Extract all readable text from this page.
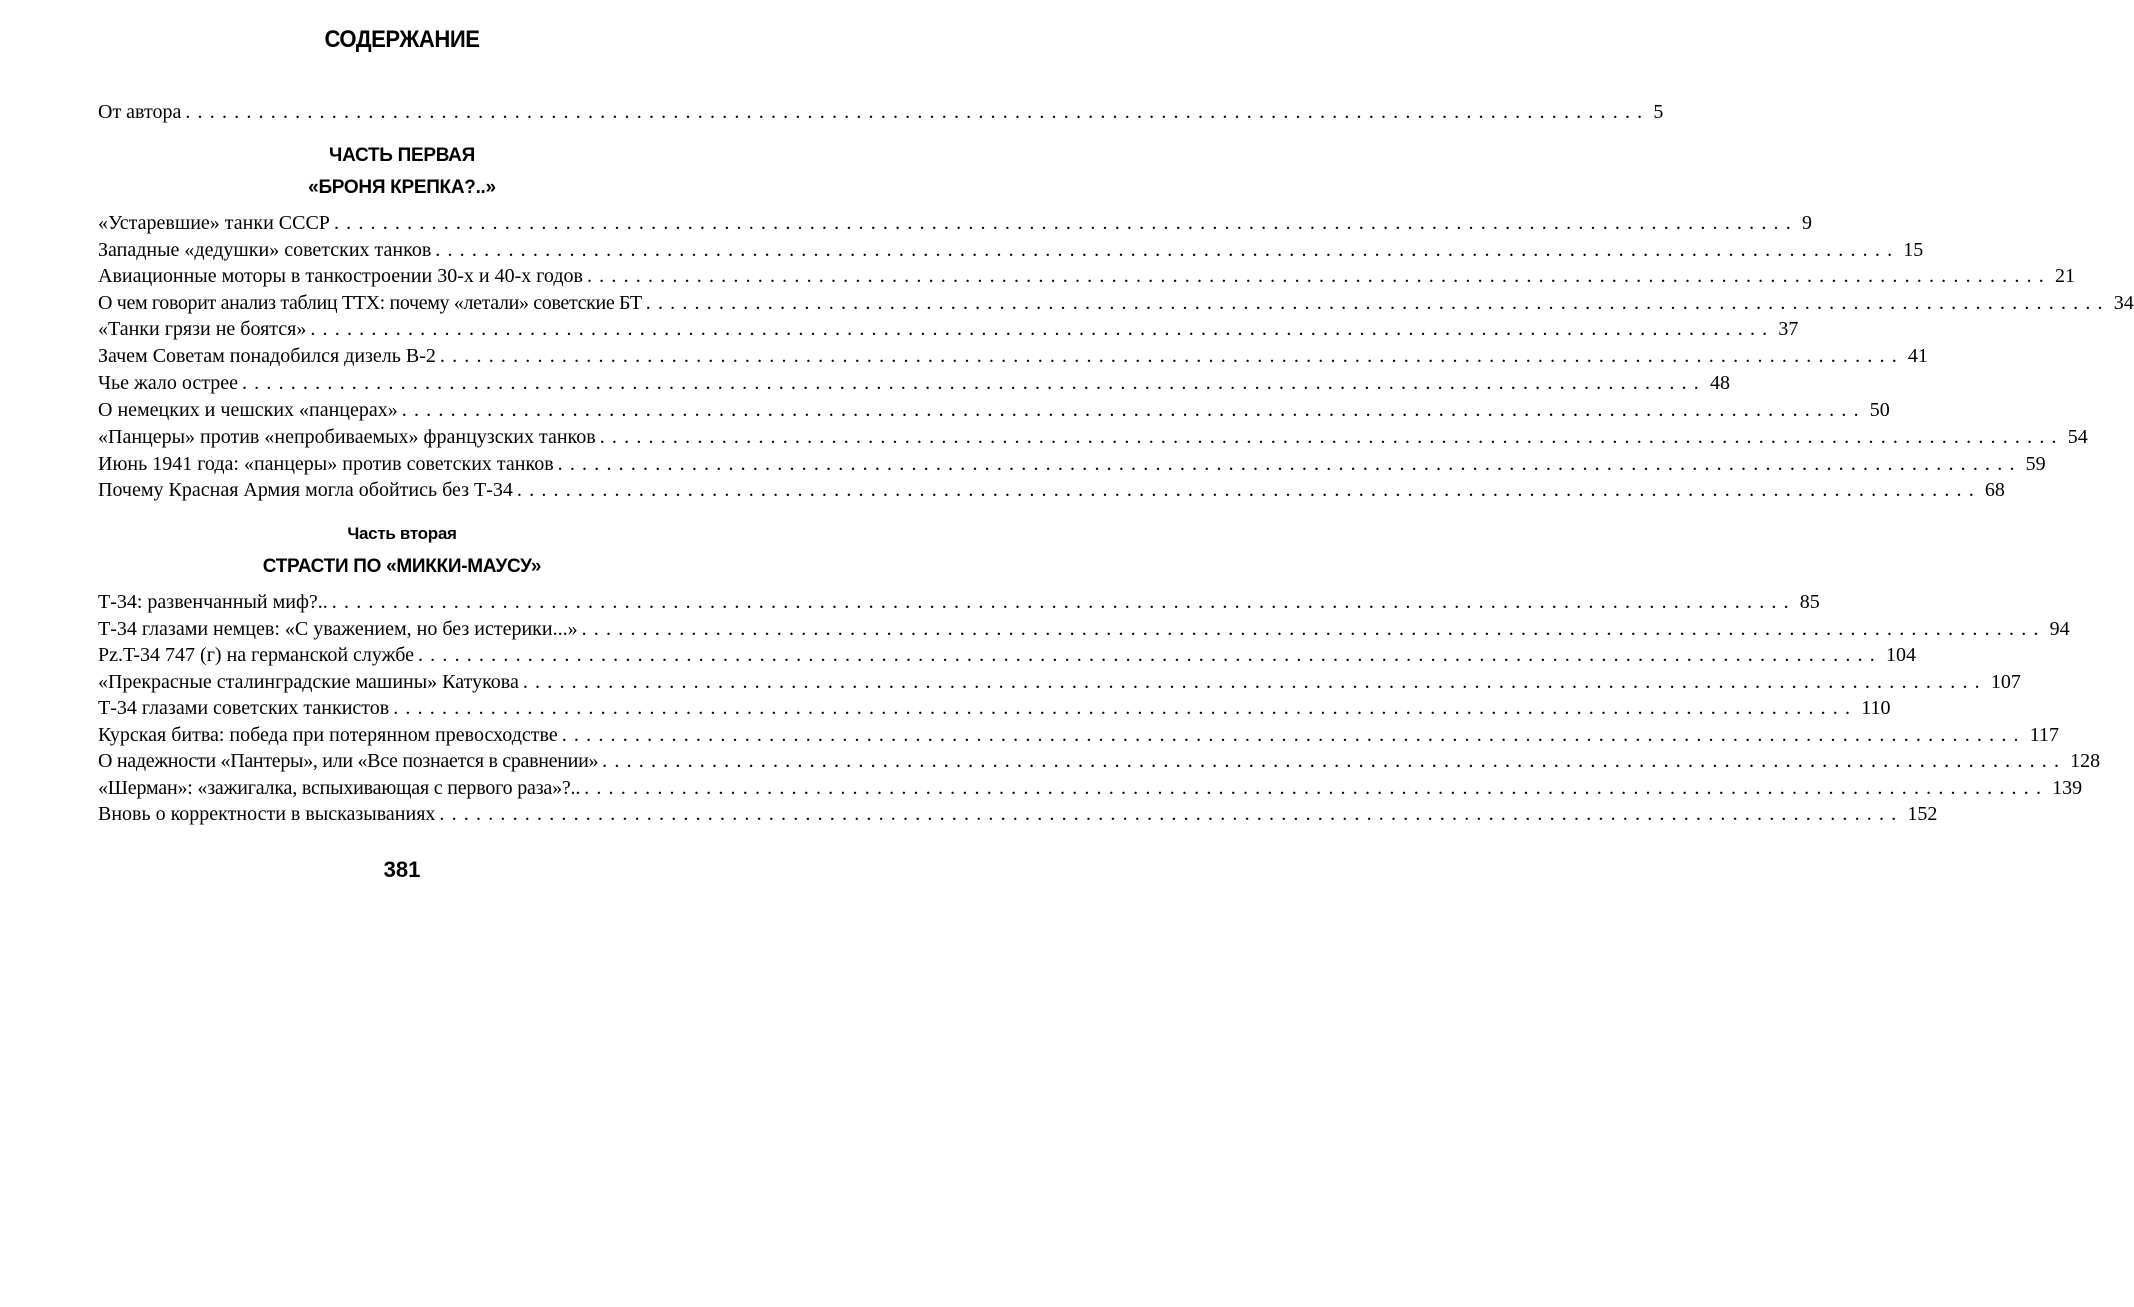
СОДЕРЖАНИЕ
От автора ........................................................................................................................ 5
ЧАСТЬ ПЕРВАЯ
«БРОНЯ КРЕПКА?..»
«Устаревшие» танки СССР ........................................................................................................................ 9
Западные «дедушки» советских танков ........................................................................................................................ 15
Авиационные моторы в танкостроении 30-х и 40-х годов ........................................................................................................................ 21
О чем говорит анализ таблиц ТТХ: почему «летали» советские БТ ........................................................................................................................ 34
«Танки грязи не боятся» ........................................................................................................................ 37
Зачем Советам понадобился дизель В-2 ........................................................................................................................ 41
Чье жало острее ........................................................................................................................ 48
О немецких и чешских «панцерах» ........................................................................................................................ 50
«Панцеры» против «непробиваемых» французских танков ........................................................................................................................ 54
Июнь 1941 года: «панцеры» против советских танков ........................................................................................................................ 59
Почему Красная Армия могла обойтись без Т-34 ........................................................................................................................ 68
Часть вторая
СТРАСТИ ПО «МИККИ-МАУСУ»
Т-34: развенчанный миф?.. ........................................................................................................................ 85
Т-34 глазами немцев: «С уважением, но без истерики...» ........................................................................................................................ 94
Pz.T-34 747 (г) на германской службе ........................................................................................................................ 104
«Прекрасные сталинградские машины» Катукова ........................................................................................................................ 107
Т-34 глазами советских танкистов ........................................................................................................................ 110
Курская битва: победа при потерянном превосходстве ........................................................................................................................ 117
О надежности «Пантеры», или «Все познается в сравнении» ........................................................................................................................ 128
«Шерман»: «зажигалка, вспыхивающая с первого раза»?.. ........................................................................................................................ 139
Вновь о корректности в высказываниях ........................................................................................................................ 152
381
